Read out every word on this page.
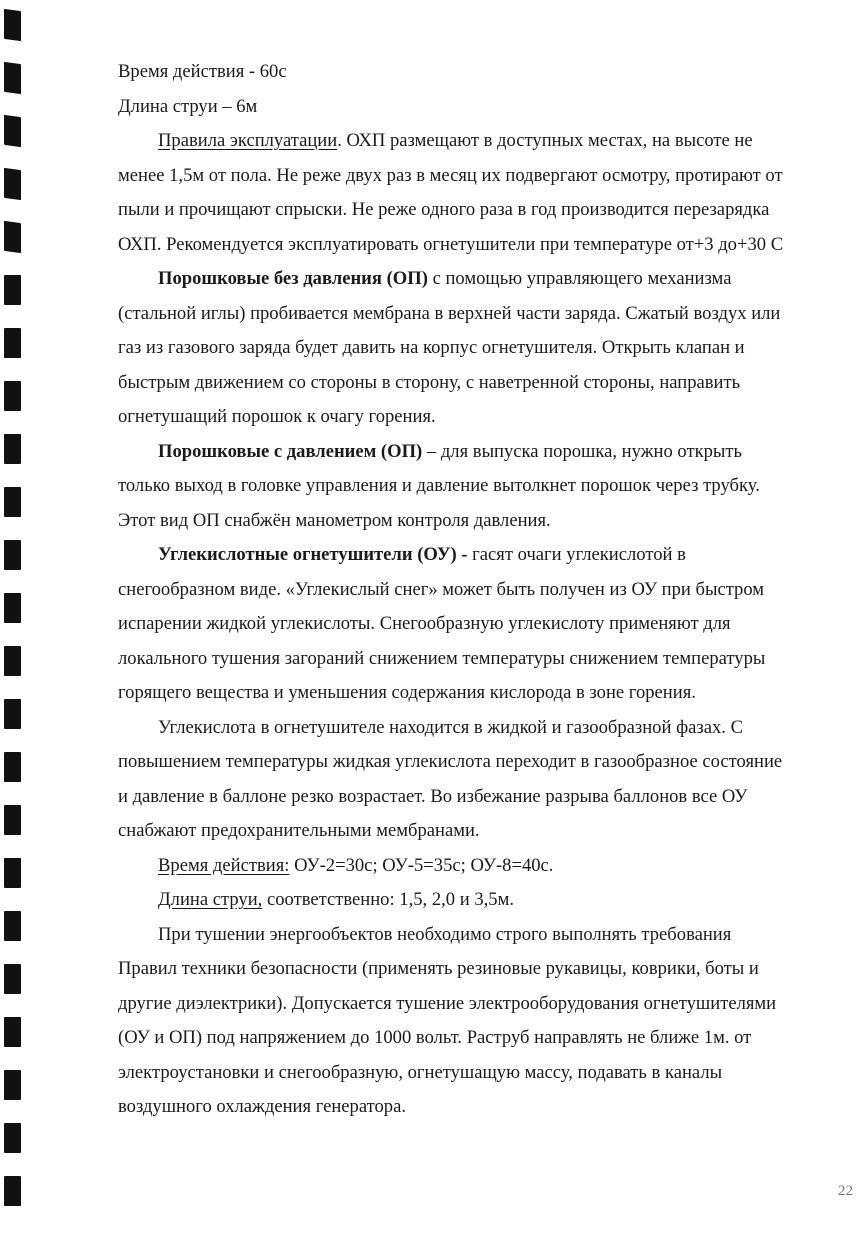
Время действия - 60с
Длина струи – 6м
Правила эксплуатации. ОХП размещают в доступных местах, на высоте не
менее 1,5м от пола. Не реже двух раз в месяц их подвергают осмотру, протирают от
пыли и прочищают спрыски. Не реже одного раза в год производится перезарядка
ОХП. Рекомендуется эксплуатировать огнетушители при температуре от+3 до+30 С
Порошковые без давления (ОП) с помощью управляющего механизма
(стальной иглы) пробивается мембрана в верхней части заряда. Сжатый воздух или
газ из газового заряда будет давить на корпус огнетушителя. Открыть клапан и
быстрым движением со стороны в сторону, с наветренной стороны, направить
огнетушащий порошок к очагу горения.
Порошковые с давлением (ОП) – для выпуска порошка, нужно открыть
только выход в головке управления и давление вытолкнет порошок через трубку.
Этот вид ОП снабжён манометром контроля давления.
Углекислотные огнетушители (ОУ) - гасят очаги углекислотой в
снегообразном виде. «Углекислый снег» может быть получен из ОУ при быстром
испарении жидкой углекислоты. Снегообразную углекислоту применяют для
локального тушения загораний снижением температуры снижением температуры
горящего вещества и уменьшения содержания кислорода в зоне горения.
Углекислота в огнетушителе находится в жидкой и газообразной фазах. С
повышением температуры жидкая углекислота переходит в газообразное состояние
и давление в баллоне резко возрастает. Во избежание разрыва баллонов все ОУ
снабжают предохранительными мембранами.
Время действия: ОУ-2=30с; ОУ-5=35с; ОУ-8=40с.
Длина струи, соответственно: 1,5, 2,0 и 3,5м.
При тушении энергообъектов необходимо строго выполнять требования
Правил техники безопасности (применять резиновые рукавицы, коврики, боты и
другие диэлектрики). Допускается тушение электрооборудования огнетушителями
(ОУ и ОП) под напряжением до 1000 вольт. Раструб направлять не ближе 1м. от
электроустановки и снегообразную, огнетушащую массу, подавать в каналы
воздушного охлаждения генератора.
22
